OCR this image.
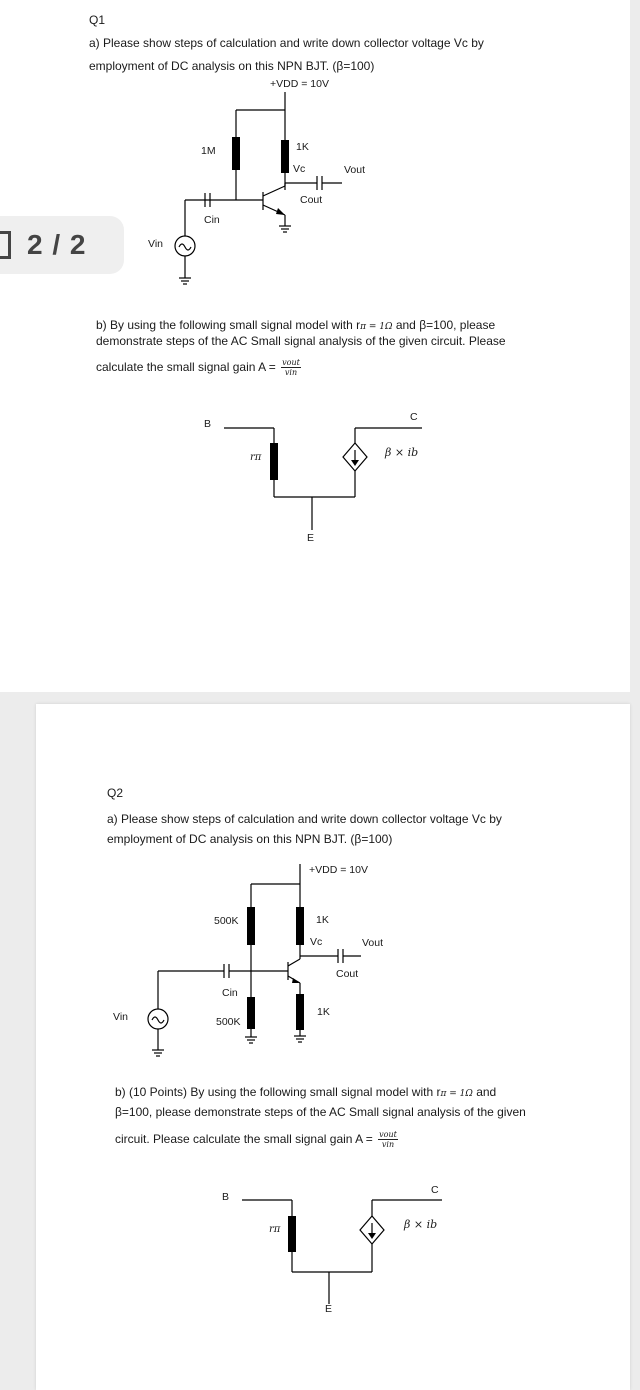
Q1
a) Please show steps of calculation and write down collector voltage Vc by
employment of DC analysis on this NPN BJT. (β=100)
+VDD = 10V
1M	1K
Vc	Vout
Cout
Cin
Vin
b) By using the following small signal model with rπ = 1Ω and β=100, please
demonstrate steps of the AC Small signal analysis of the given circuit. Please
calculate the small signal gain $A = \frac{\text{vout}}{\text{vin}}$
B
C
E
rπ	β × ib
2 / 2
Q2
a) Please show steps of calculation and write down collector voltage Vc by
employment of DC analysis on this NPN BJT. (β=100)
+VDD = 10V
500K	1K
Vc	Vout
Cout
Cin
500K
1K
Vin
b) (10 Points) By using the following small signal model with rπ = 1Ω and
β=100, please demonstrate steps of the AC Small signal analysis of the given
circuit. Please calculate the small signal gain $A = \frac{\text{vout}}{\text{vin}}$
B
C
E
rπ	β × ib
